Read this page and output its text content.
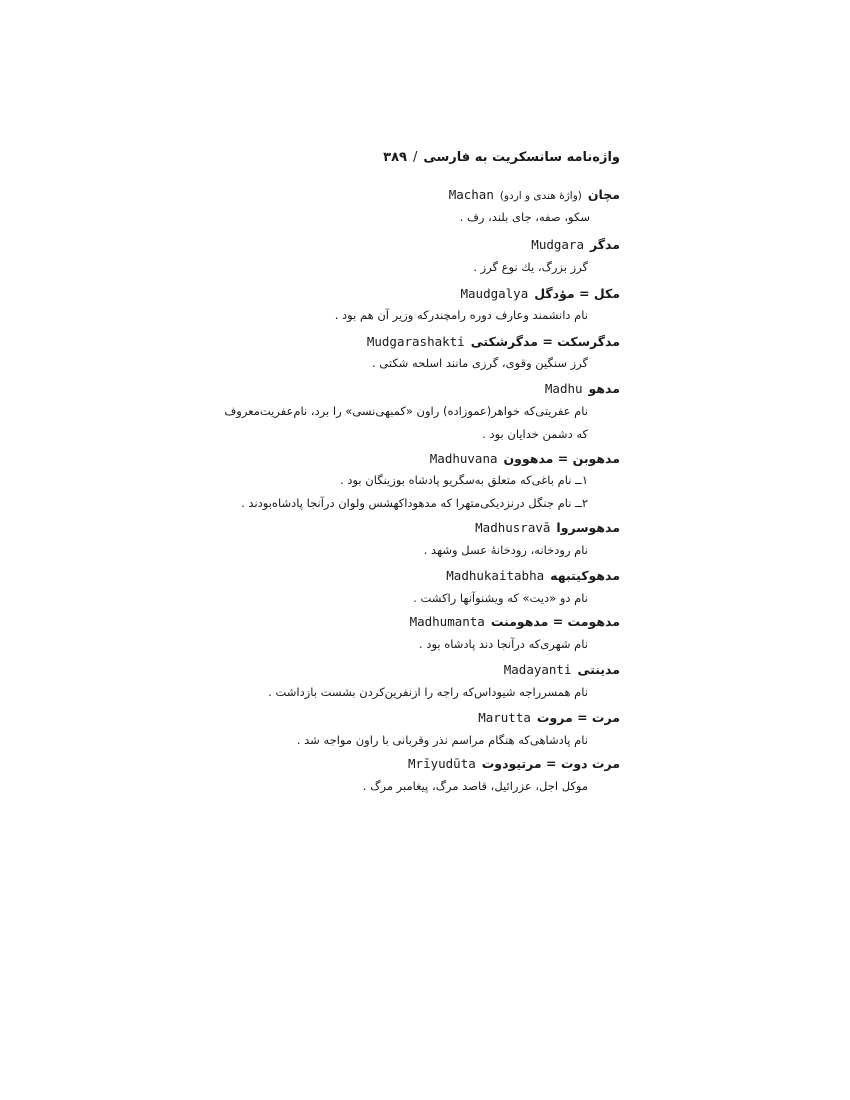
واژه‌نامه سانسکریت به فارسی
/
۳۸۹
مچان
(واژهٔ هندی و اردو)
Machan
سکو، صفه، جای بلند، رف .
مدگر
Mudgara
گرز بزرگ، یك نوع گرز .
مکل = مؤدگل
Maudgalya
نام دانشمند وعارف دوره رامچندرکه وزیر آن هم بود .
مدگرسکت = مدگرشکتی
Mudgarashakti
گرز سنگین وقوی، گرزی مانند اسلحه شکتی .
مدهو
Madhu
نام عفریتی‌که خواهر(عموزاده) راون «کمبهی‌نسی» را برد، نام‌عفریت‌معروف
که دشمن خدایان بود .
مدهوبن = مدهوون
Madhuvana
۱ــ نام باغی‌که متعلق به‌سگریو پادشاه بوزینگان بود .
۲ــ نام جنگل درنزدیکی‌متهرا که مدهوداکهشس ولوان درآنجا پادشاه‌بودند .
مدهوسروا
Madhusravā
نام رودخانه، رودخانهٔ عسل وشهد .
مدهوکیتبهه
Madhukaitabha
نام دو «دیت» که ویشنوآنها راکشت .
مدهومت = مدهومنت
Madhumanta
نام شهری‌که درآنجا دند پادشاه بود .
مدینتی
Madayanti
نام همسرراجه شیوداس‌که راجه را ازنفرین‌کردن بشست بازداشت .
مرت = مروت
Marutta
نام پادشاهی‌که هنگام مراسم نذر وقربانی با راون مواجه شد .
مرت دوت = مرتیودوت
Mrīyudūta
موکل اجل، عزرائیل، قاصد مرگ، پیغامبر مرگ .
